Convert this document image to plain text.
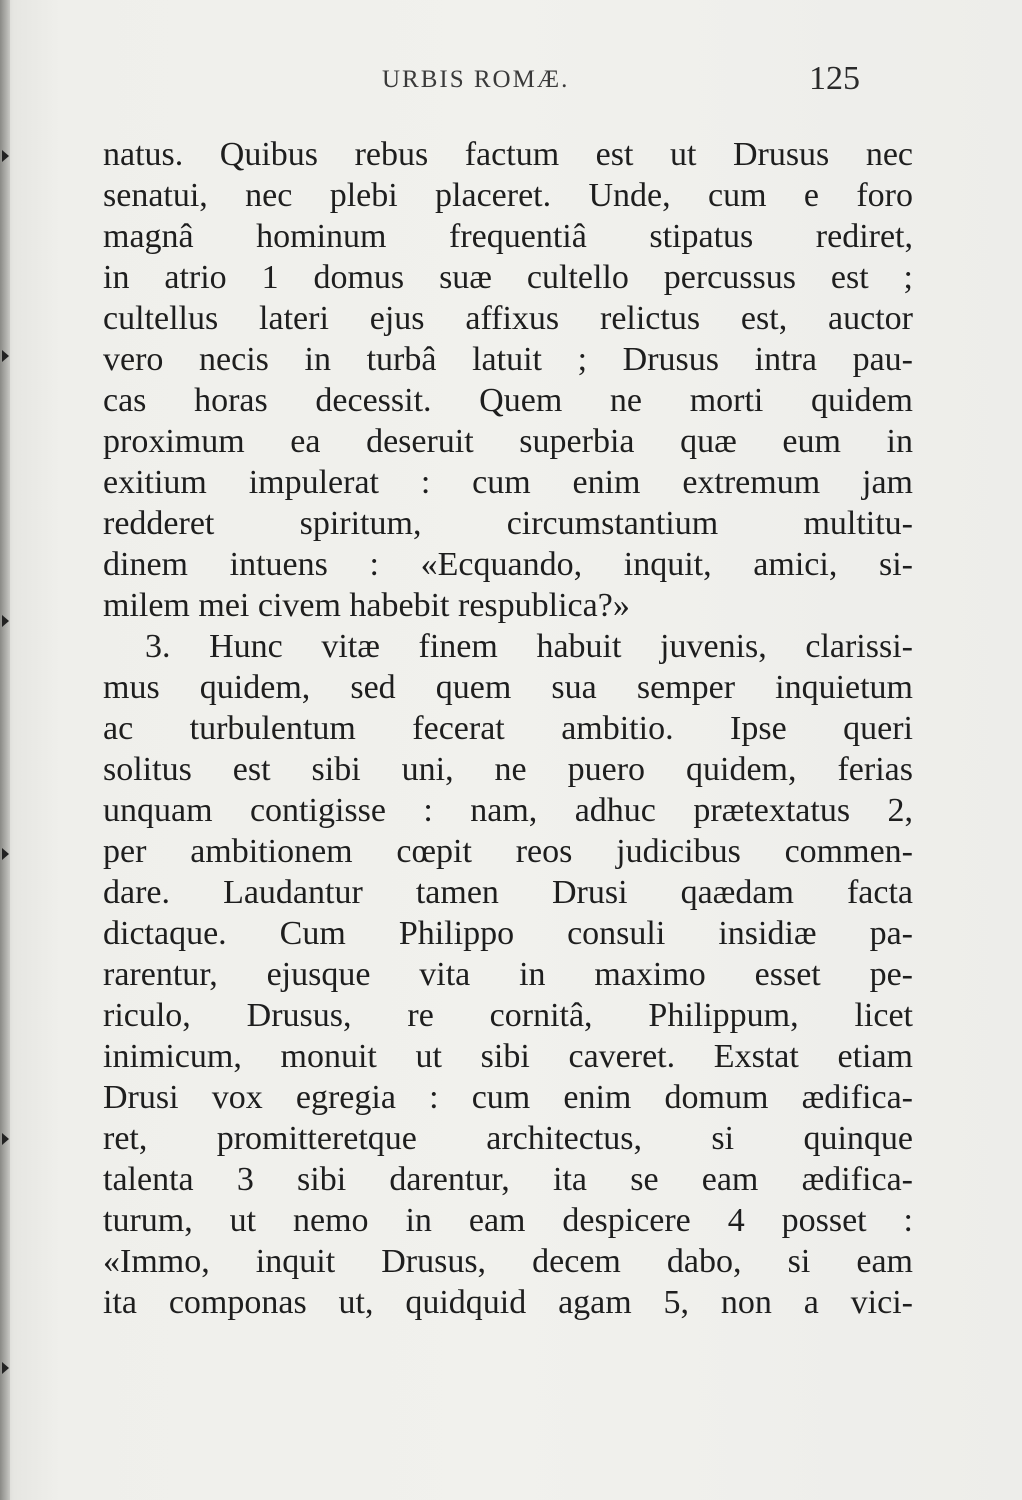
URBIS ROMÆ.	125
natus. Quibus rebus factum est ut Drusus nec
senatui, nec plebi placeret. Unde, cum e foro
magnâ hominum frequentiâ stipatus rediret,
in atrio 1 domus suæ cultello percussus est ;
cultellus lateri ejus affixus relictus est, auctor
vero necis in turbâ latuit ; Drusus intra pau-
cas horas decessit. Quem ne morti quidem
proximum ea deseruit superbia quæ eum in
exitium impulerat : cum enim extremum jam
redderet spiritum, circumstantium multitu-
dinem intuens : «Ecquando, inquit, amici, si-
milem mei civem habebit respublica?»
3. Hunc vitæ finem habuit juvenis, clarissi-
mus quidem, sed quem sua semper inquietum
ac turbulentum fecerat ambitio. Ipse queri
solitus est sibi uni, ne puero quidem, ferias
unquam contigisse : nam, adhuc prætextatus 2,
per ambitionem cœpit reos judicibus commen-
dare. Laudantur tamen Drusi qaædam facta
dictaque. Cum Philippo consuli insidiæ pa-
rarentur, ejusque vita in maximo esset pe-
riculo, Drusus, re cornitâ, Philippum, licet
inimicum, monuit ut sibi caveret. Exstat etiam
Drusi vox egregia : cum enim domum ædifica-
ret, promitteretque architectus, si quinque
talenta 3 sibi darentur, ita se eam ædifica-
turum, ut nemo in eam despicere 4 posset :
«Immo, inquit Drusus, decem dabo, si eam
ita componas ut, quidquid agam 5, non a vici-
